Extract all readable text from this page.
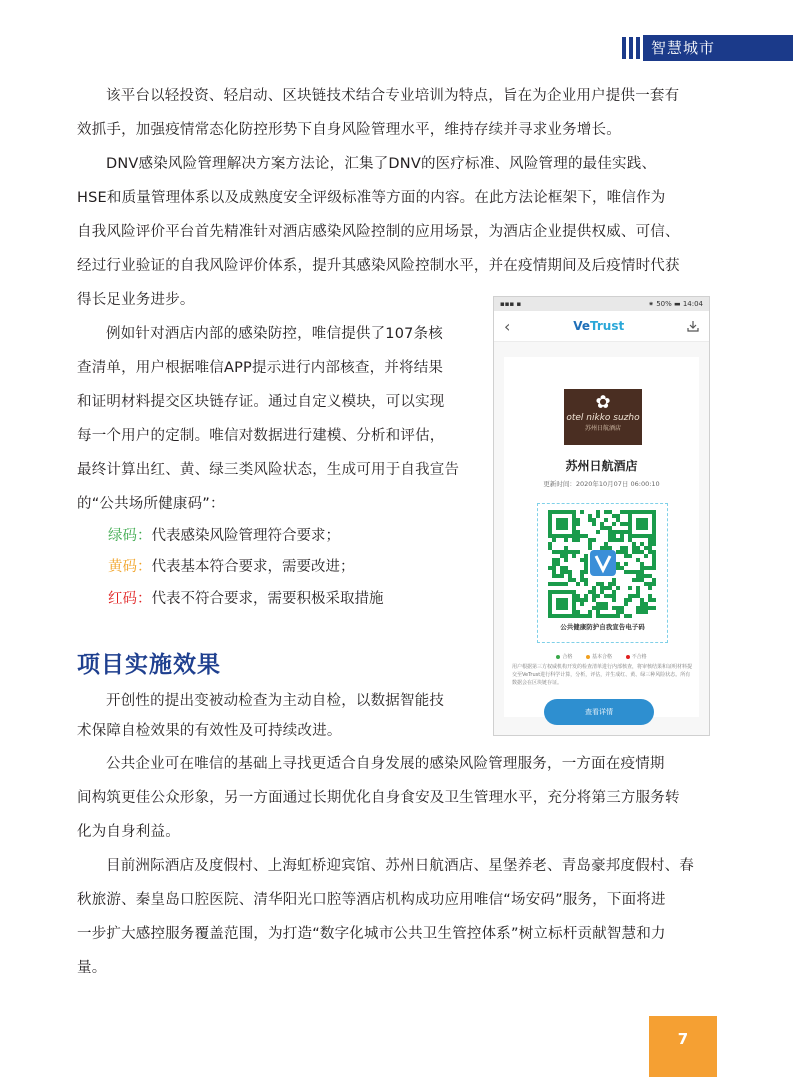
智慧城市
该平台以轻投资、轻启动、区块链技术结合专业培训为特点，旨在为企业用户提供一套有
效抓手，加强疫情常态化防控形势下自身风险管理水平，维持存续并寻求业务增长。
DNV感染风险管理解决方案方法论，汇集了DNV的医疗标准、风险管理的最佳实践、
HSE和质量管理体系以及成熟度安全评级标准等方面的内容。在此方法论框架下，唯信作为
自我风险评价平台首先精准针对酒店感染风险控制的应用场景，为酒店企业提供权威、可信、
经过行业验证的自我风险评价体系，提升其感染风险控制水平，并在疫情期间及后疫情时代获
得长足业务进步。
例如针对酒店内部的感染防控，唯信提供了107条核
查清单，用户根据唯信APP提示进行内部核查，并将结果
和证明材料提交区块链存证。通过自定义模块，可以实现
每一个用户的定制。唯信对数据进行建模、分析和评估，
最终计算出红、黄、绿三类风险状态，生成可用于自我宣告
的“公共场所健康码”：
绿码：代表感染风险管理符合要求；
黄码：代表基本符合要求，需要改进；
红码：代表不符合要求，需要积极采取措施
项目实施效果
开创性的提出变被动检查为主动自检，以数据智能技
术保障自检效果的有效性及可持续改进。
公共企业可在唯信的基础上寻找更适合自身发展的感染风险管理服务，一方面在疫情期
间构筑更佳公众形象，另一方面通过长期优化自身食安及卫生管理水平，充分将第三方服务转
化为自身利益。
目前洲际酒店及度假村、上海虹桥迎宾馆、苏州日航酒店、星堡养老、青岛豪邦度假村、春
秋旅游、秦皇岛口腔医院、清华阳光口腔等酒店机构成功应用唯信“场安码”服务，下面将进
一步扩大感控服务覆盖范围，为打造“数字化城市公共卫生管控体系”树立标杆贡献智慧和力
量。
▪▪▪ ▪	⁕ 50% ▬ 14:04
‹	VeTrust
✿
otel nikko suzho
苏州日航酒店
苏州日航酒店
更新时间：2020年10月07日 06:00:10
公共健康防护自我宣告电子码
合格	基本合格	不合格
用户根据第三方权威机构开发的检查清单进行内部核查，将审核结果和证明材料提交至VeTrust进行科学计算，分析，评估，并生成红、黄、绿三种风险状态。所有数据会在区块链存证。
查看详情
7
